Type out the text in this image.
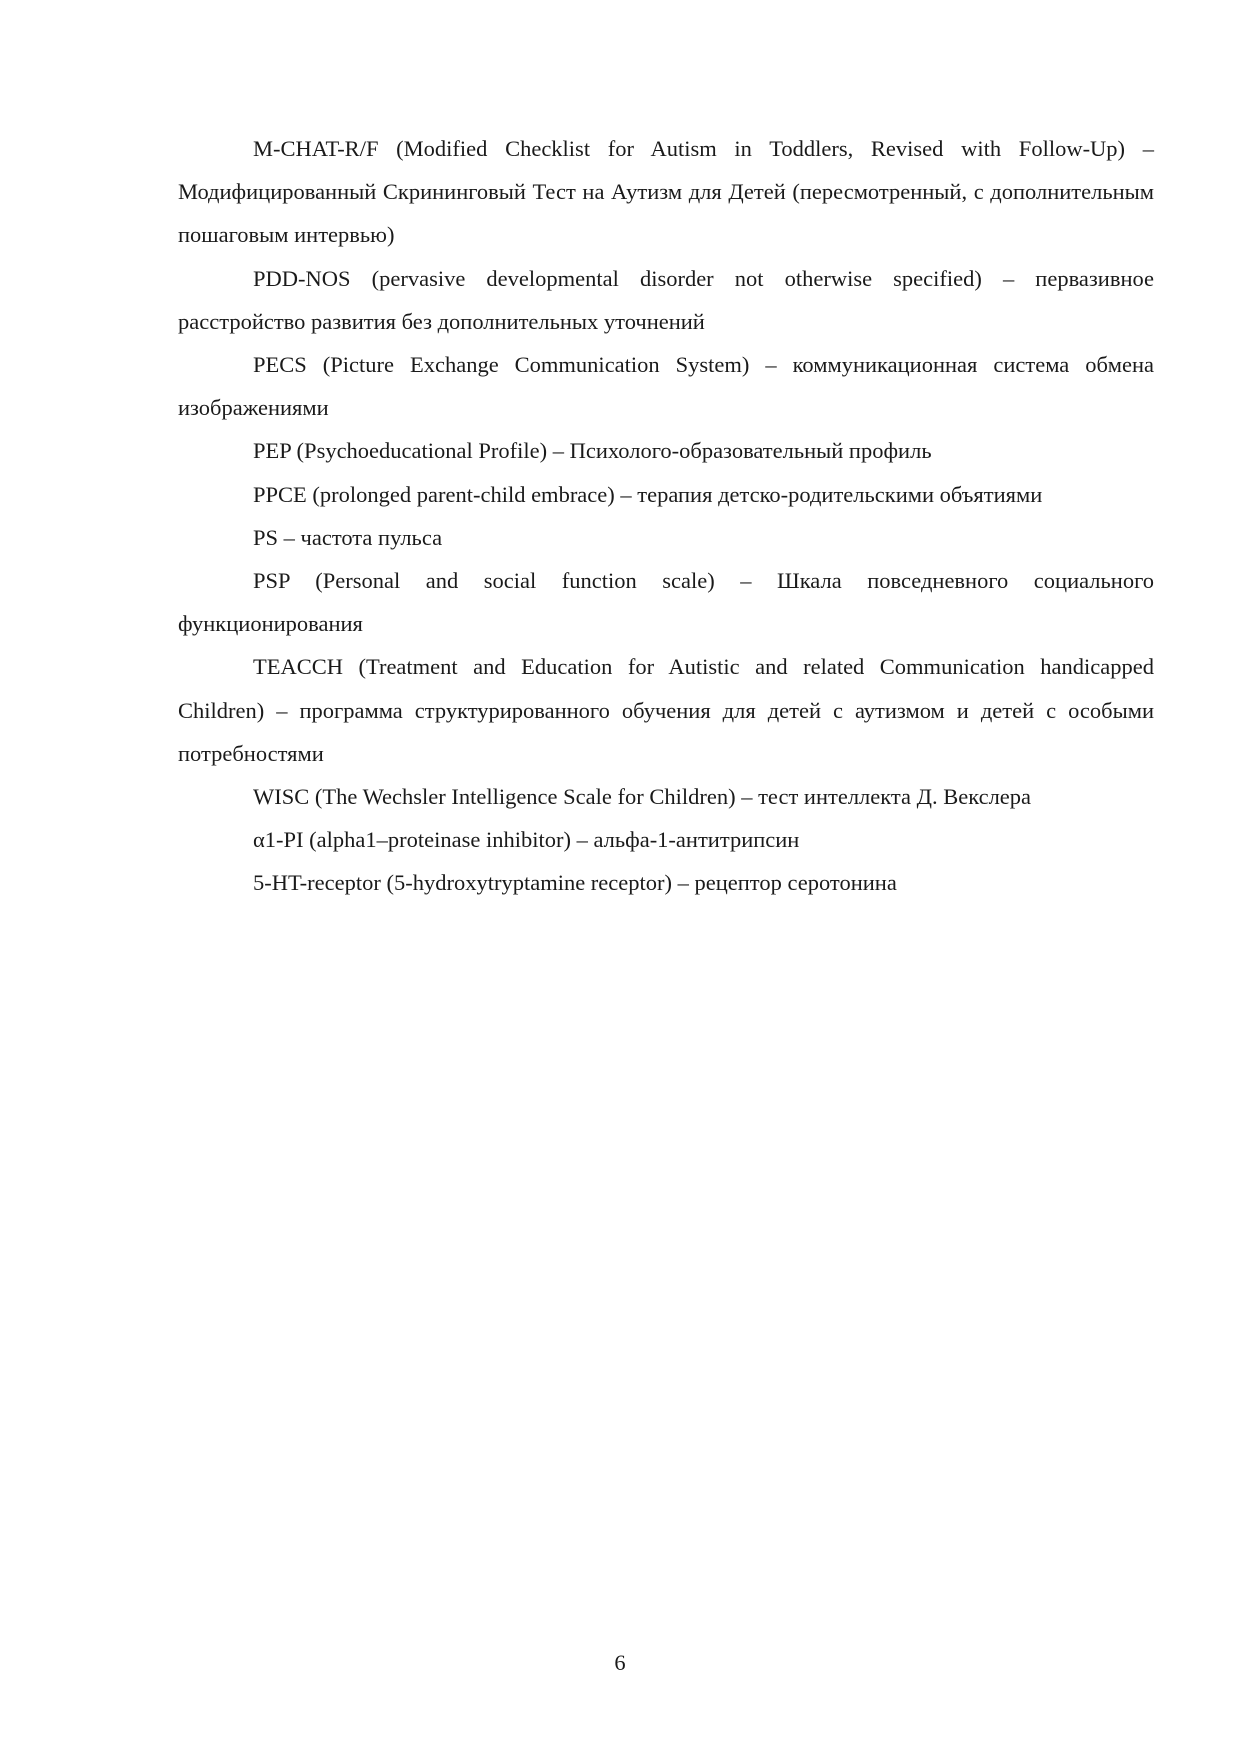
M-CHAT-R/F (Modified Checklist for Autism in Toddlers, Revised with Follow-Up) – Модифицированный Скрининговый Тест на Аутизм для Детей (пересмотренный, с дополнительным пошаговым интервью)

PDD-NOS (pervasive developmental disorder not otherwise specified) – первазивное расстройство развития без дополнительных уточнений

PECS (Picture Exchange Communication System) – коммуникационная система обмена изображениями

PEP (Psychoeducational Profile) – Психолого-образовательный профиль

PPCE (prolonged parent-child embrace) – терапия детско-родительскими объятиями

PS – частота пульса

PSP (Personal and social function scale) – Шкала повседневного социального функционирования

TEACCH (Treatment and Education for Autistic and related Communication handicapped Children) – программа структурированного обучения для детей с аутизмом и детей с особыми потребностями

WISC (The Wechsler Intelligence Scale for Children) – тест интеллекта Д. Векслера

α1-PI (alpha1–proteinase inhibitor) – альфа-1-антитрипсин

5-HT-receptor (5-hydroxytryptamine receptor) – рецептор серотонина

6
